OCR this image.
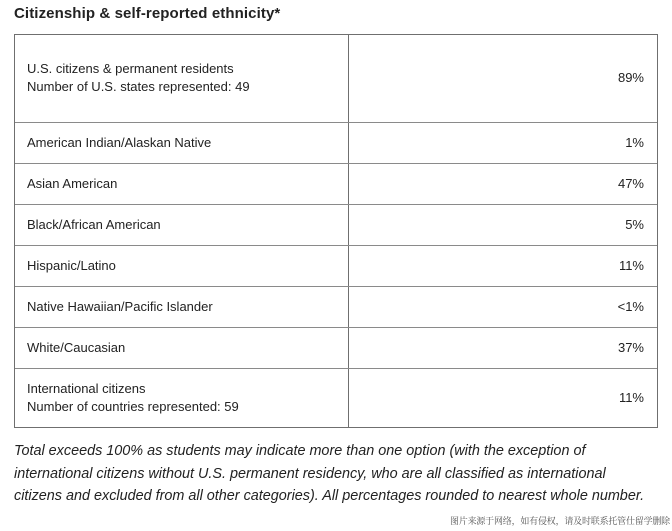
Citizenship & self-reported ethnicity*
U.S. citizens & permanent residents
Number of U.S. states represented: 49	89%
American Indian/Alaskan Native	1%
Asian American	47%
Black/African American	5%
Hispanic/Latino	11%
Native Hawaiian/Pacific Islander	<1%
White/Caucasian	37%

International citizens
Number of countries represented: 59	11%
Total exceeds 100% as students may indicate more than one option (with the exception of international citizens without U.S. permanent residency, who are all classified as international citizens and excluded from all other categories). All percentages rounded to nearest whole number.
图片来源于网络，如有侵权，请及时联系托管仕留学删除
